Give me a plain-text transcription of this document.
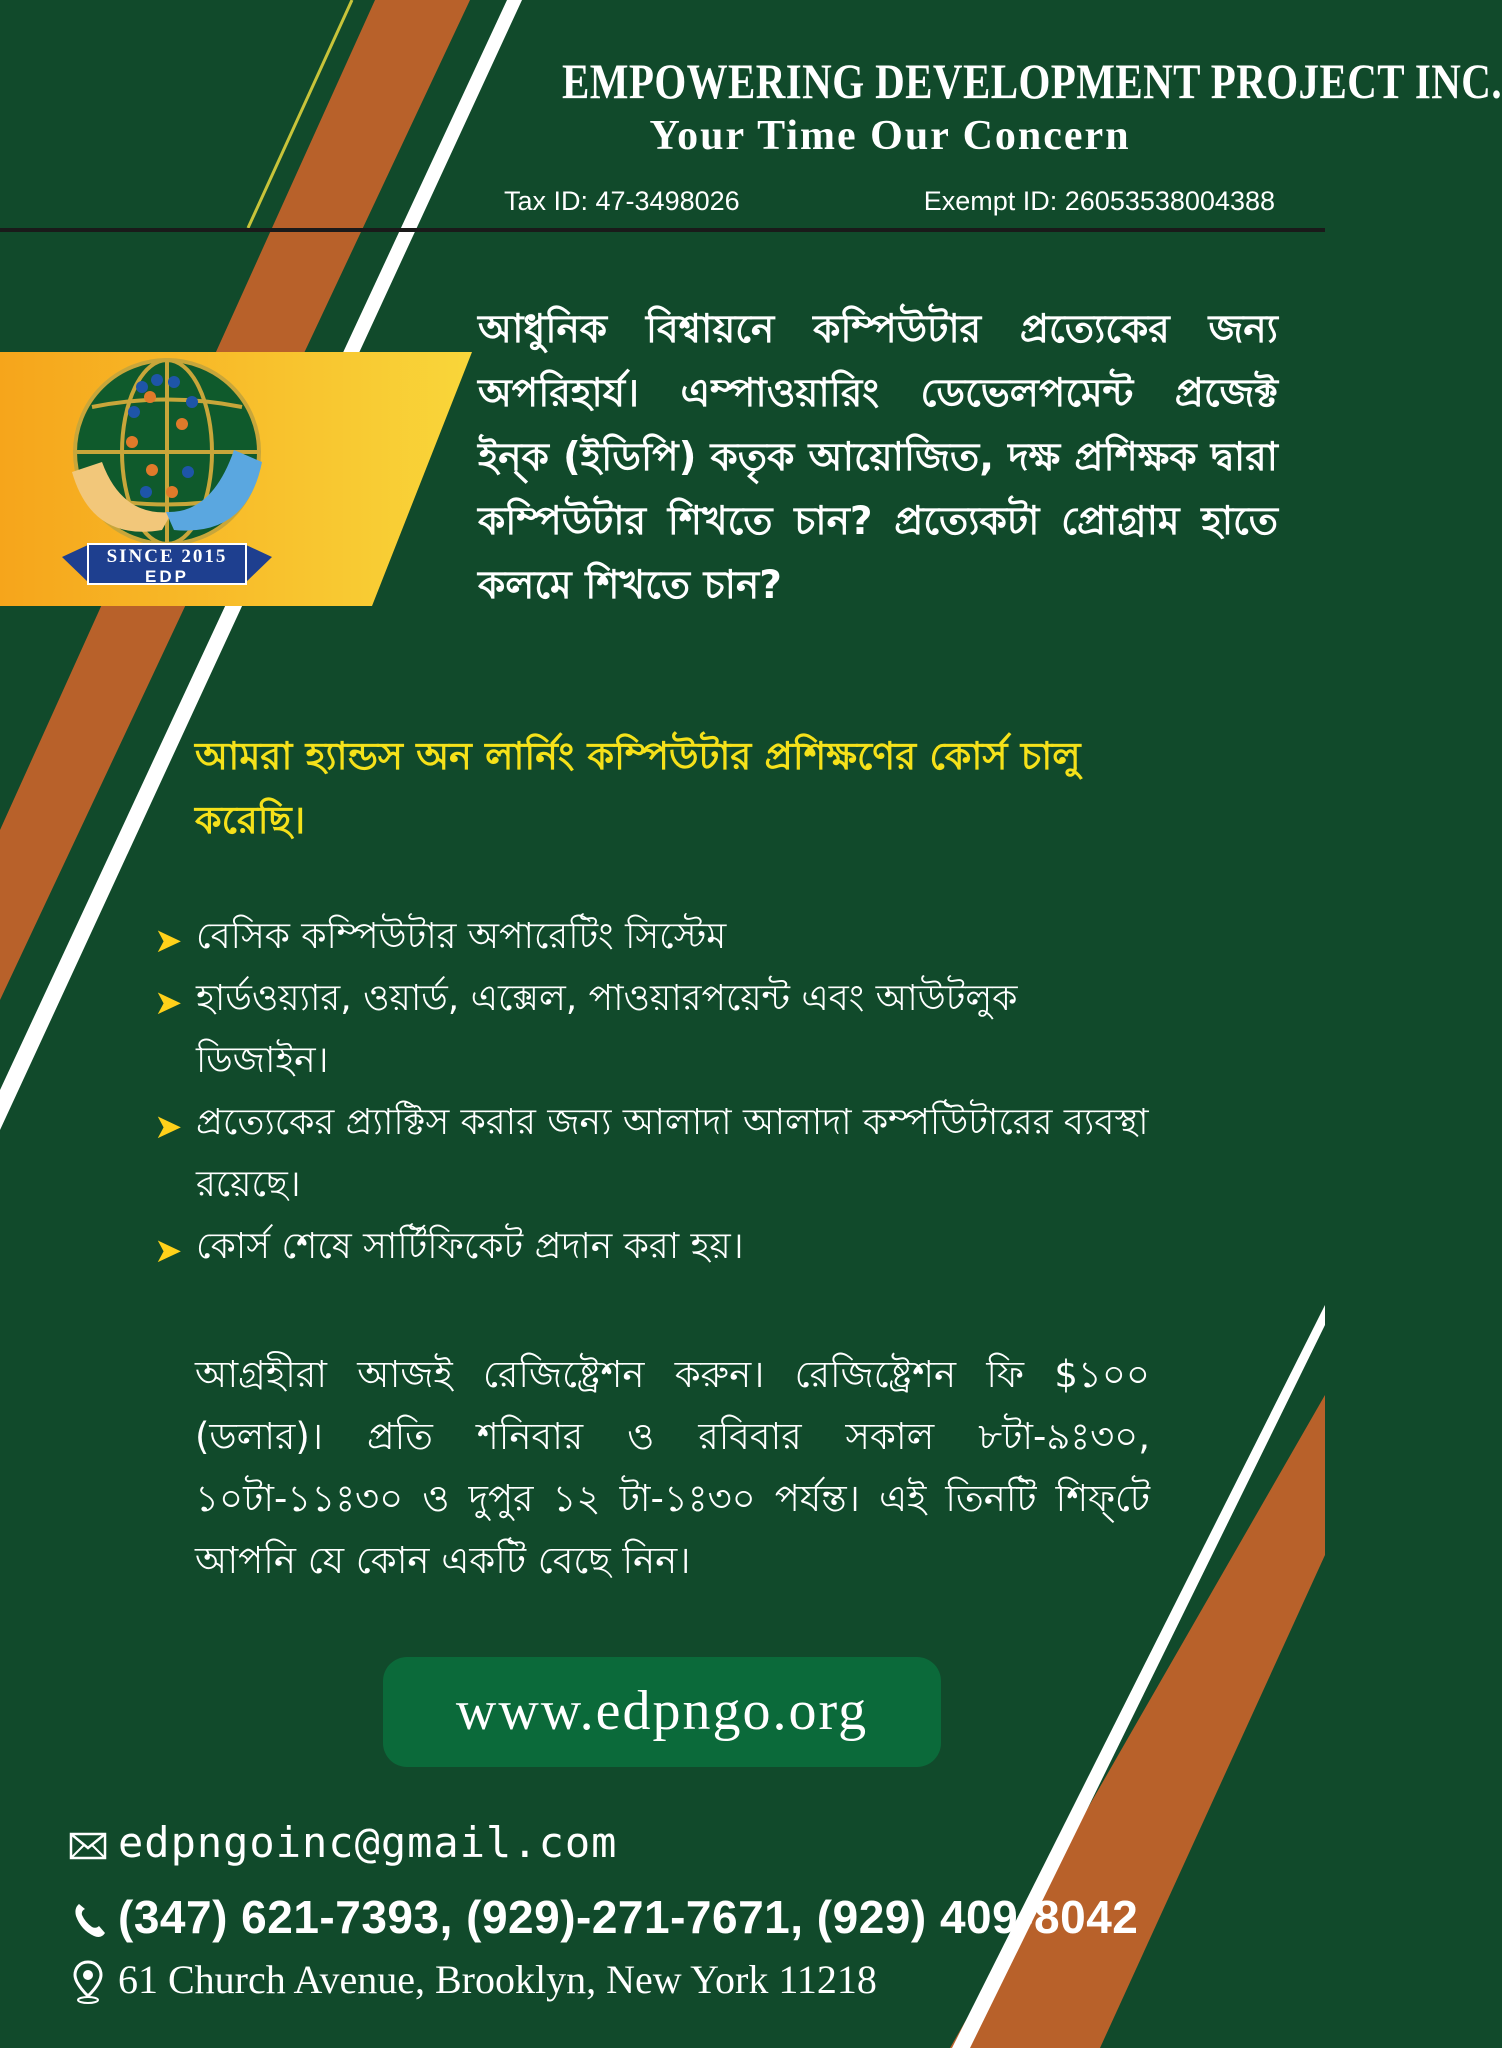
EMPOWERING DEVELOPMENT PROJECT INC.
Your Time Our Concern
Tax ID: 47-3498026	Exempt ID: 26053538004388
SINCE 2015
EDP
আধুনিক বিশ্বায়নে কম্পিউটার প্রত্যেকের জন্য অপরিহার্য। এম্পাওয়ারিং ডেভেলপমেন্ট প্রজেক্ট ইন্‌ক (ইডিপি) কতৃক আয়োজিত, দক্ষ প্রশিক্ষক দ্বারা কম্পিউটার শিখতে চান? প্রত্যেকটা প্রোগ্রাম হাতে কলমে শিখতে চান?
আমরা হ্যান্ডস অন লার্নিং কম্পিউটার প্রশিক্ষণের কোর্স চালু করেছি।
➤ বেসিক কম্পিউটার অপারেটিং সিস্টেম
➤ হার্ডওয়্যার, ওয়ার্ড, এক্সেল, পাওয়ারপয়েন্ট এবং আউটলুক ডিজাইন।
➤ প্রত্যেকের প্র্যাক্টিস করার জন্য আলাদা আলাদা কম্পউিটারের ব্যবস্থা রয়েছে।
➤ কোর্স শেষে সার্টিফিকেট প্রদান করা হয়।
আগ্রহীরা আজই রেজিষ্ট্রেশন করুন। রেজিষ্ট্রেশন ফি $১০০ (ডলার)। প্রতি শনিবার ও রবিবার সকাল ৮টা-৯ঃ৩০, ১০টা-১১ঃ৩০ ও দুপুর ১২ টা-১ঃ৩০ পর্যন্ত। এই তিনটি শিফ্‌টে আপনি যে কোন একটি বেছে নিন।
www.edpngo.org
edpngoinc@gmail.com
(347) 621-7393, (929)-271-7671, (929) 409-8042
61 Church Avenue, Brooklyn, New York 11218
